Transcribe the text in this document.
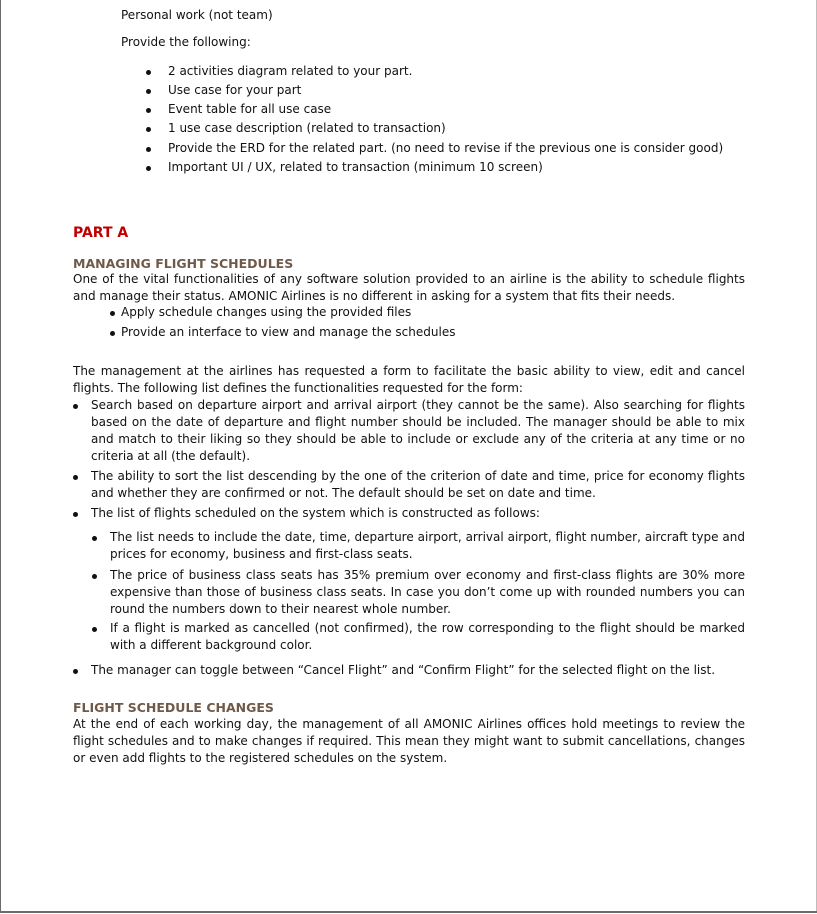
Personal work (not team)
Provide the following:
2 activities diagram related to your part.
Use case for your part
Event table for all use case
1 use case description (related to transaction)
Provide the ERD for the related part. (no need to revise if the previous one is consider good)
Important UI / UX, related to transaction (minimum 10 screen)
PART A
MANAGING FLIGHT SCHEDULES
One of the vital functionalities of any software solution provided to an airline is the ability to schedule flights and manage their status. AMONIC Airlines is no different in asking for a system that fits their needs.
Apply schedule changes using the provided files
Provide an interface to view and manage the schedules
The management at the airlines has requested a form to facilitate the basic ability to view, edit and cancel flights. The following list defines the functionalities requested for the form:
Search based on departure airport and arrival airport (they cannot be the same). Also searching for flights based on the date of departure and flight number should be included. The manager should be able to mix and match to their liking so they should be able to include or exclude any of the criteria at any time or no criteria at all (the default).
The ability to sort the list descending by the one of the criterion of date and time, price for economy flights and whether they are confirmed or not. The default should be set on date and time.
The list of flights scheduled on the system which is constructed as follows:
The list needs to include the date, time, departure airport, arrival airport, flight number, aircraft type and prices for economy, business and first-class seats.
The price of business class seats has 35% premium over economy and first-class flights are 30% more expensive than those of business class seats. In case you don’t come up with rounded numbers you can round the numbers down to their nearest whole number.
If a flight is marked as cancelled (not confirmed), the row corresponding to the flight should be marked with a different background color.
The manager can toggle between “Cancel Flight” and “Confirm Flight” for the selected flight on the list.
FLIGHT SCHEDULE CHANGES
At the end of each working day, the management of all AMONIC Airlines offices hold meetings to review the flight schedules and to make changes if required. This mean they might want to submit cancellations, changes or even add flights to the registered schedules on the system.
